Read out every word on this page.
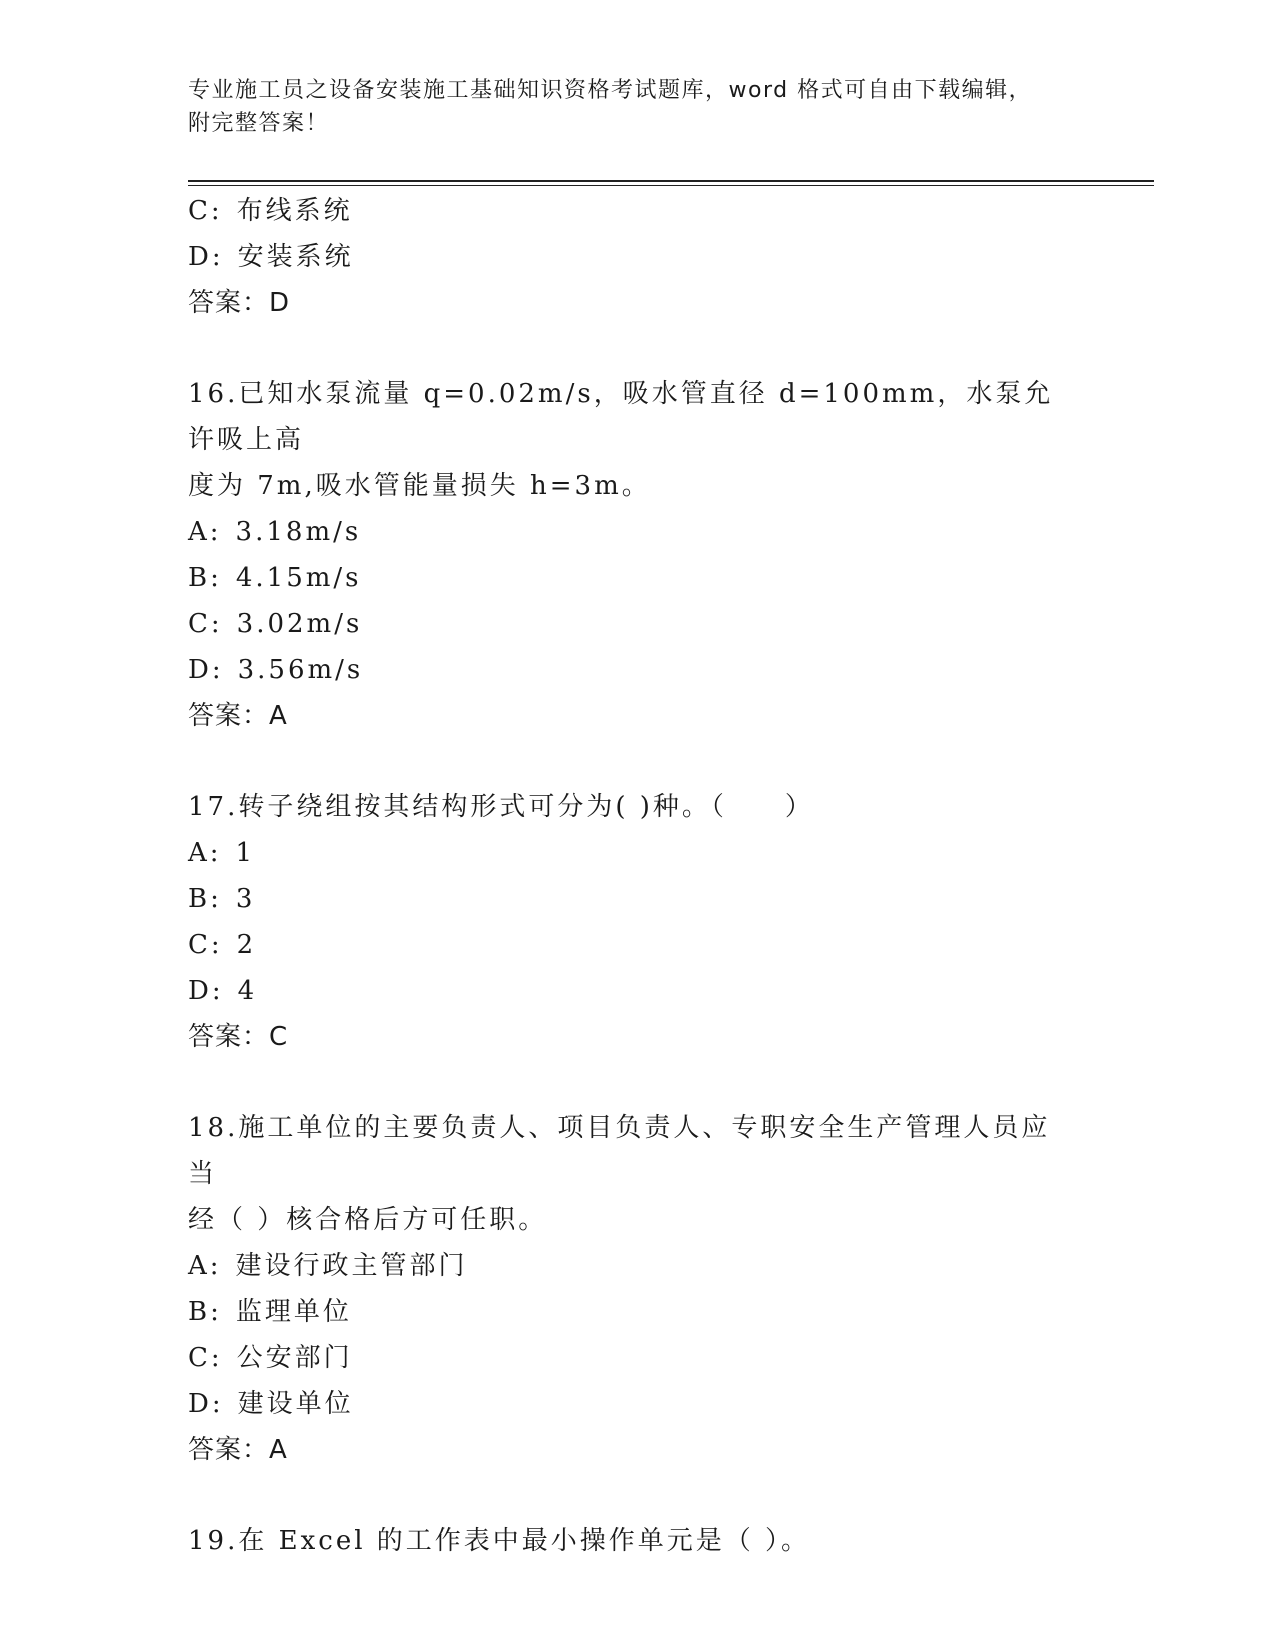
专业施工员之设备安装施工基础知识资格考试题库，word 格式可自由下载编辑，
附完整答案！
C: 布线系统
D: 安装系统
答案：D
16.已知水泵流量 q=0.02m/s，吸水管直径 d=100mm，水泵允许吸上高
度为 7m,吸水管能量损失 h=3m。
A: 3.18m/s
B: 4.15m/s
C: 3.02m/s
D: 3.56m/s
答案：A
17.转子绕组按其结构形式可分为( )种。（　　）
A: 1
B: 3
C: 2
D: 4
答案：C
18.施工单位的主要负责人、项目负责人、专职安全生产管理人员应当
经（ ）核合格后方可任职。
A: 建设行政主管部门
B: 监理单位
C: 公安部门
D: 建设单位
答案：A
19.在 Excel 的工作表中最小操作单元是（ ）。
